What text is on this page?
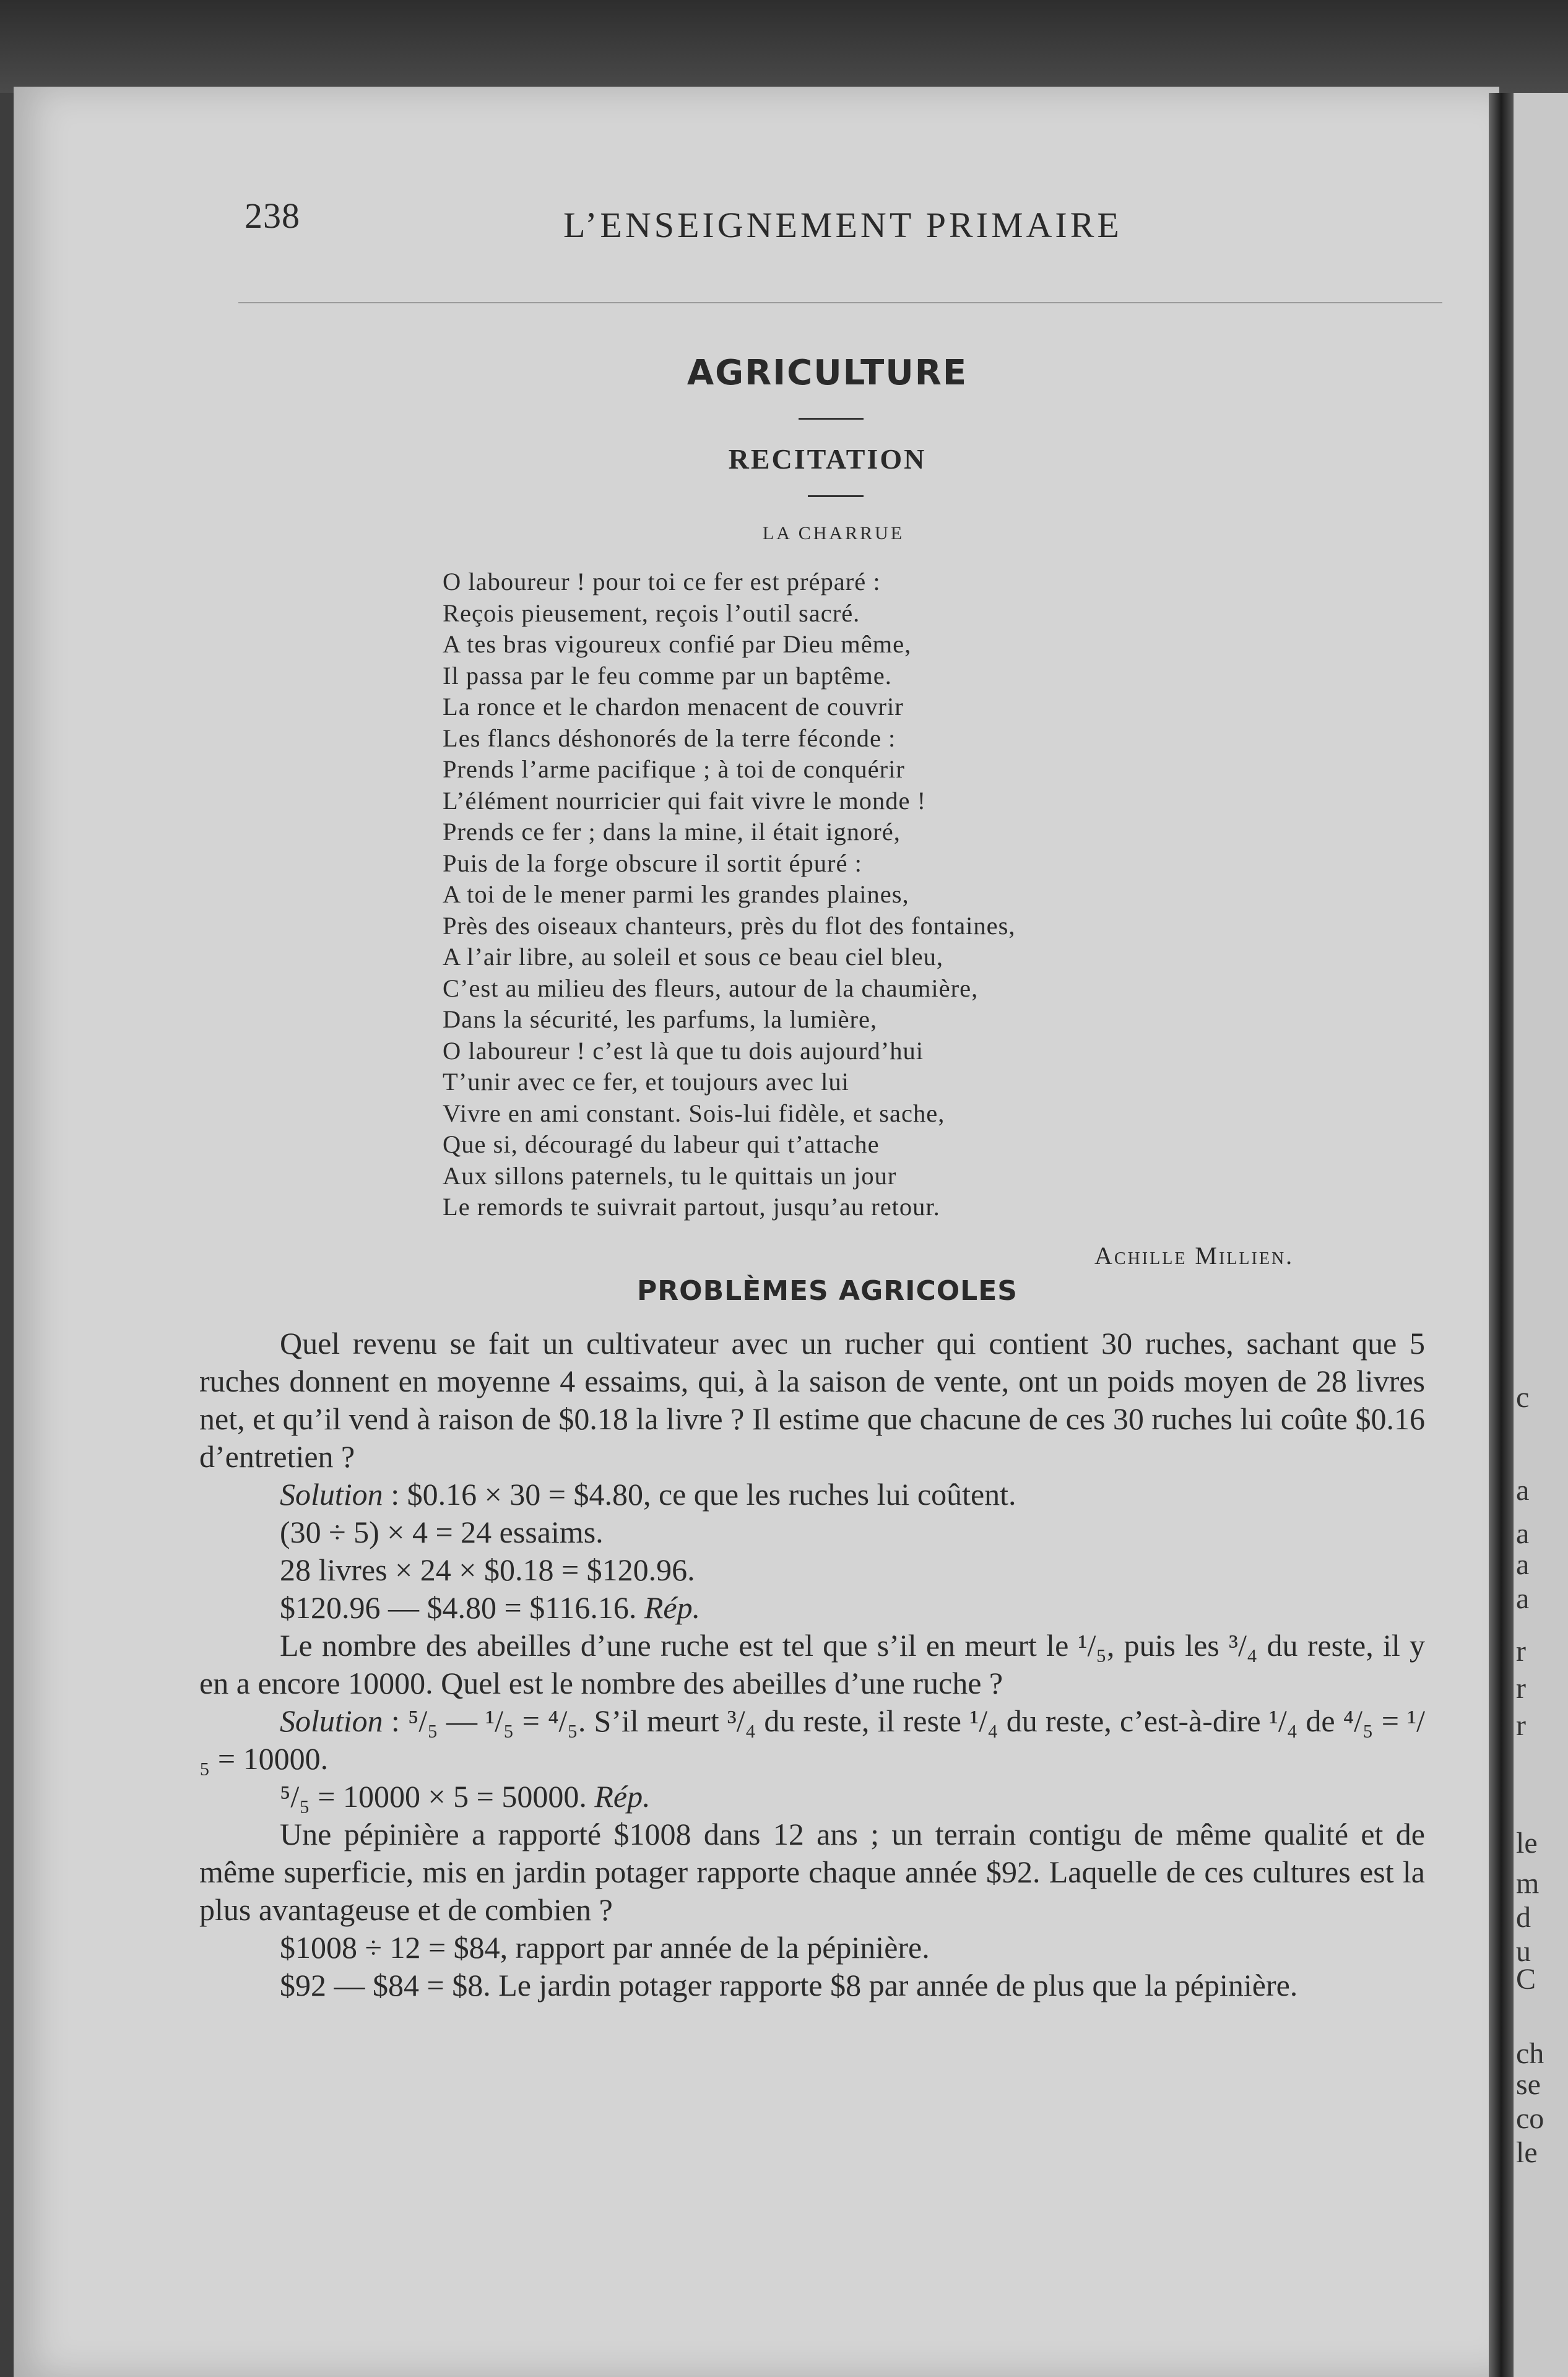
c
a
a
a
a
r
r
r
le
m
d
u
C
ch
se
co
le
238	L’ENSEIGNEMENT PRIMAIRE
AGRICULTURE
RECITATION
LA CHARRUE
O laboureur ! pour toi ce fer est préparé :
Reçois pieusement, reçois l’outil sacré.
A tes bras vigoureux confié par Dieu même,
Il passa par le feu comme par un baptême.
La ronce et le chardon menacent de couvrir
Les flancs déshonorés de la terre féconde :
Prends l’arme pacifique ; à toi de conquérir
L’élément nourricier qui fait vivre le monde !
Prends ce fer ; dans la mine, il était ignoré,
Puis de la forge obscure il sortit épuré :
A toi de le mener parmi les grandes plaines,
Près des oiseaux chanteurs, près du flot des fontaines,
A l’air libre, au soleil et sous ce beau ciel bleu,
C’est au milieu des fleurs, autour de la chaumière,
Dans la sécurité, les parfums, la lumière,
O laboureur ! c’est là que tu dois aujourd’hui
T’unir avec ce fer, et toujours avec lui
Vivre en ami constant. Sois-lui fidèle, et sache,
Que si, découragé du labeur qui t’attache
Aux sillons paternels, tu le quittais un jour
Le remords te suivrait partout, jusqu’au retour.
Achille Millien.
PROBLÈMES AGRICOLES

Quel revenu se fait un cultivateur avec un rucher qui contient 30 ruches, sachant que 5 ruches donnent en moyenne 4 essaims, qui, à la saison de vente, ont un poids moyen de 28 livres net, et qu’il vend à raison de $0.18 la livre ? Il estime que chacune de ces 30 ruches lui coûte $0.16 d’entretien ?

Solution : $0.16 × 30 = $4.80, ce que les ruches lui coûtent.

(30 ÷ 5) × 4 = 24 essaims.

28 livres × 24 × $0.18 = $120.96.

$120.96 — $4.80 = $116.16. Rép.

Le nombre des abeilles d’une ruche est tel que s’il en meurt le ¹/₅, puis les ³/₄ du reste, il y en a encore 10000. Quel est le nombre des abeilles d’une ruche ?

Solution : ⁵/₅ — ¹/₅ = ⁴/₅. S’il meurt ³/₄ du reste, il reste ¹/₄ du reste, c’est-à-dire ¹/₄ de ⁴/₅ = ¹/₅ = 10000.

⁵/₅ = 10000 × 5 = 50000. Rép.

Une pépinière a rapporté $1008 dans 12 ans ; un terrain contigu de même qualité et de même superficie, mis en jardin potager rapporte chaque année $92. Laquelle de ces cultures est la plus avantageuse et de combien ?

$1008 ÷ 12 = $84, rapport par année de la pépinière.

$92 — $84 = $8. Le jardin potager rapporte $8 par année de plus que la pépinière.
